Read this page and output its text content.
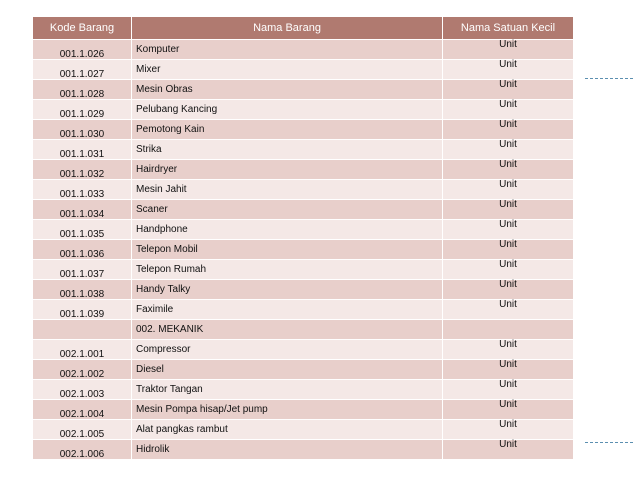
Kode Barang	Nama Barang	Nama Satuan Kecil
001.1.026	Komputer	Unit
001.1.027	Mixer	Unit
001.1.028	Mesin Obras	Unit
001.1.029	Pelubang Kancing	Unit
001.1.030	Pemotong Kain	Unit
001.1.031	Strika	Unit
001.1.032	Hairdryer	Unit
001.1.033	Mesin Jahit	Unit
001.1.034	Scaner	Unit
001.1.035	Handphone	Unit
001.1.036	Telepon Mobil	Unit
001.1.037	Telepon Rumah	Unit
001.1.038	Handy Talky	Unit
001.1.039	Faximile	Unit
	002. MEKANIK	
002.1.001	Compressor	Unit
002.1.002	Diesel	Unit
002.1.003	Traktor Tangan	Unit
002.1.004	Mesin Pompa hisap/Jet pump	Unit
002.1.005	Alat pangkas rambut	Unit
002.1.006	Hidrolik	Unit
